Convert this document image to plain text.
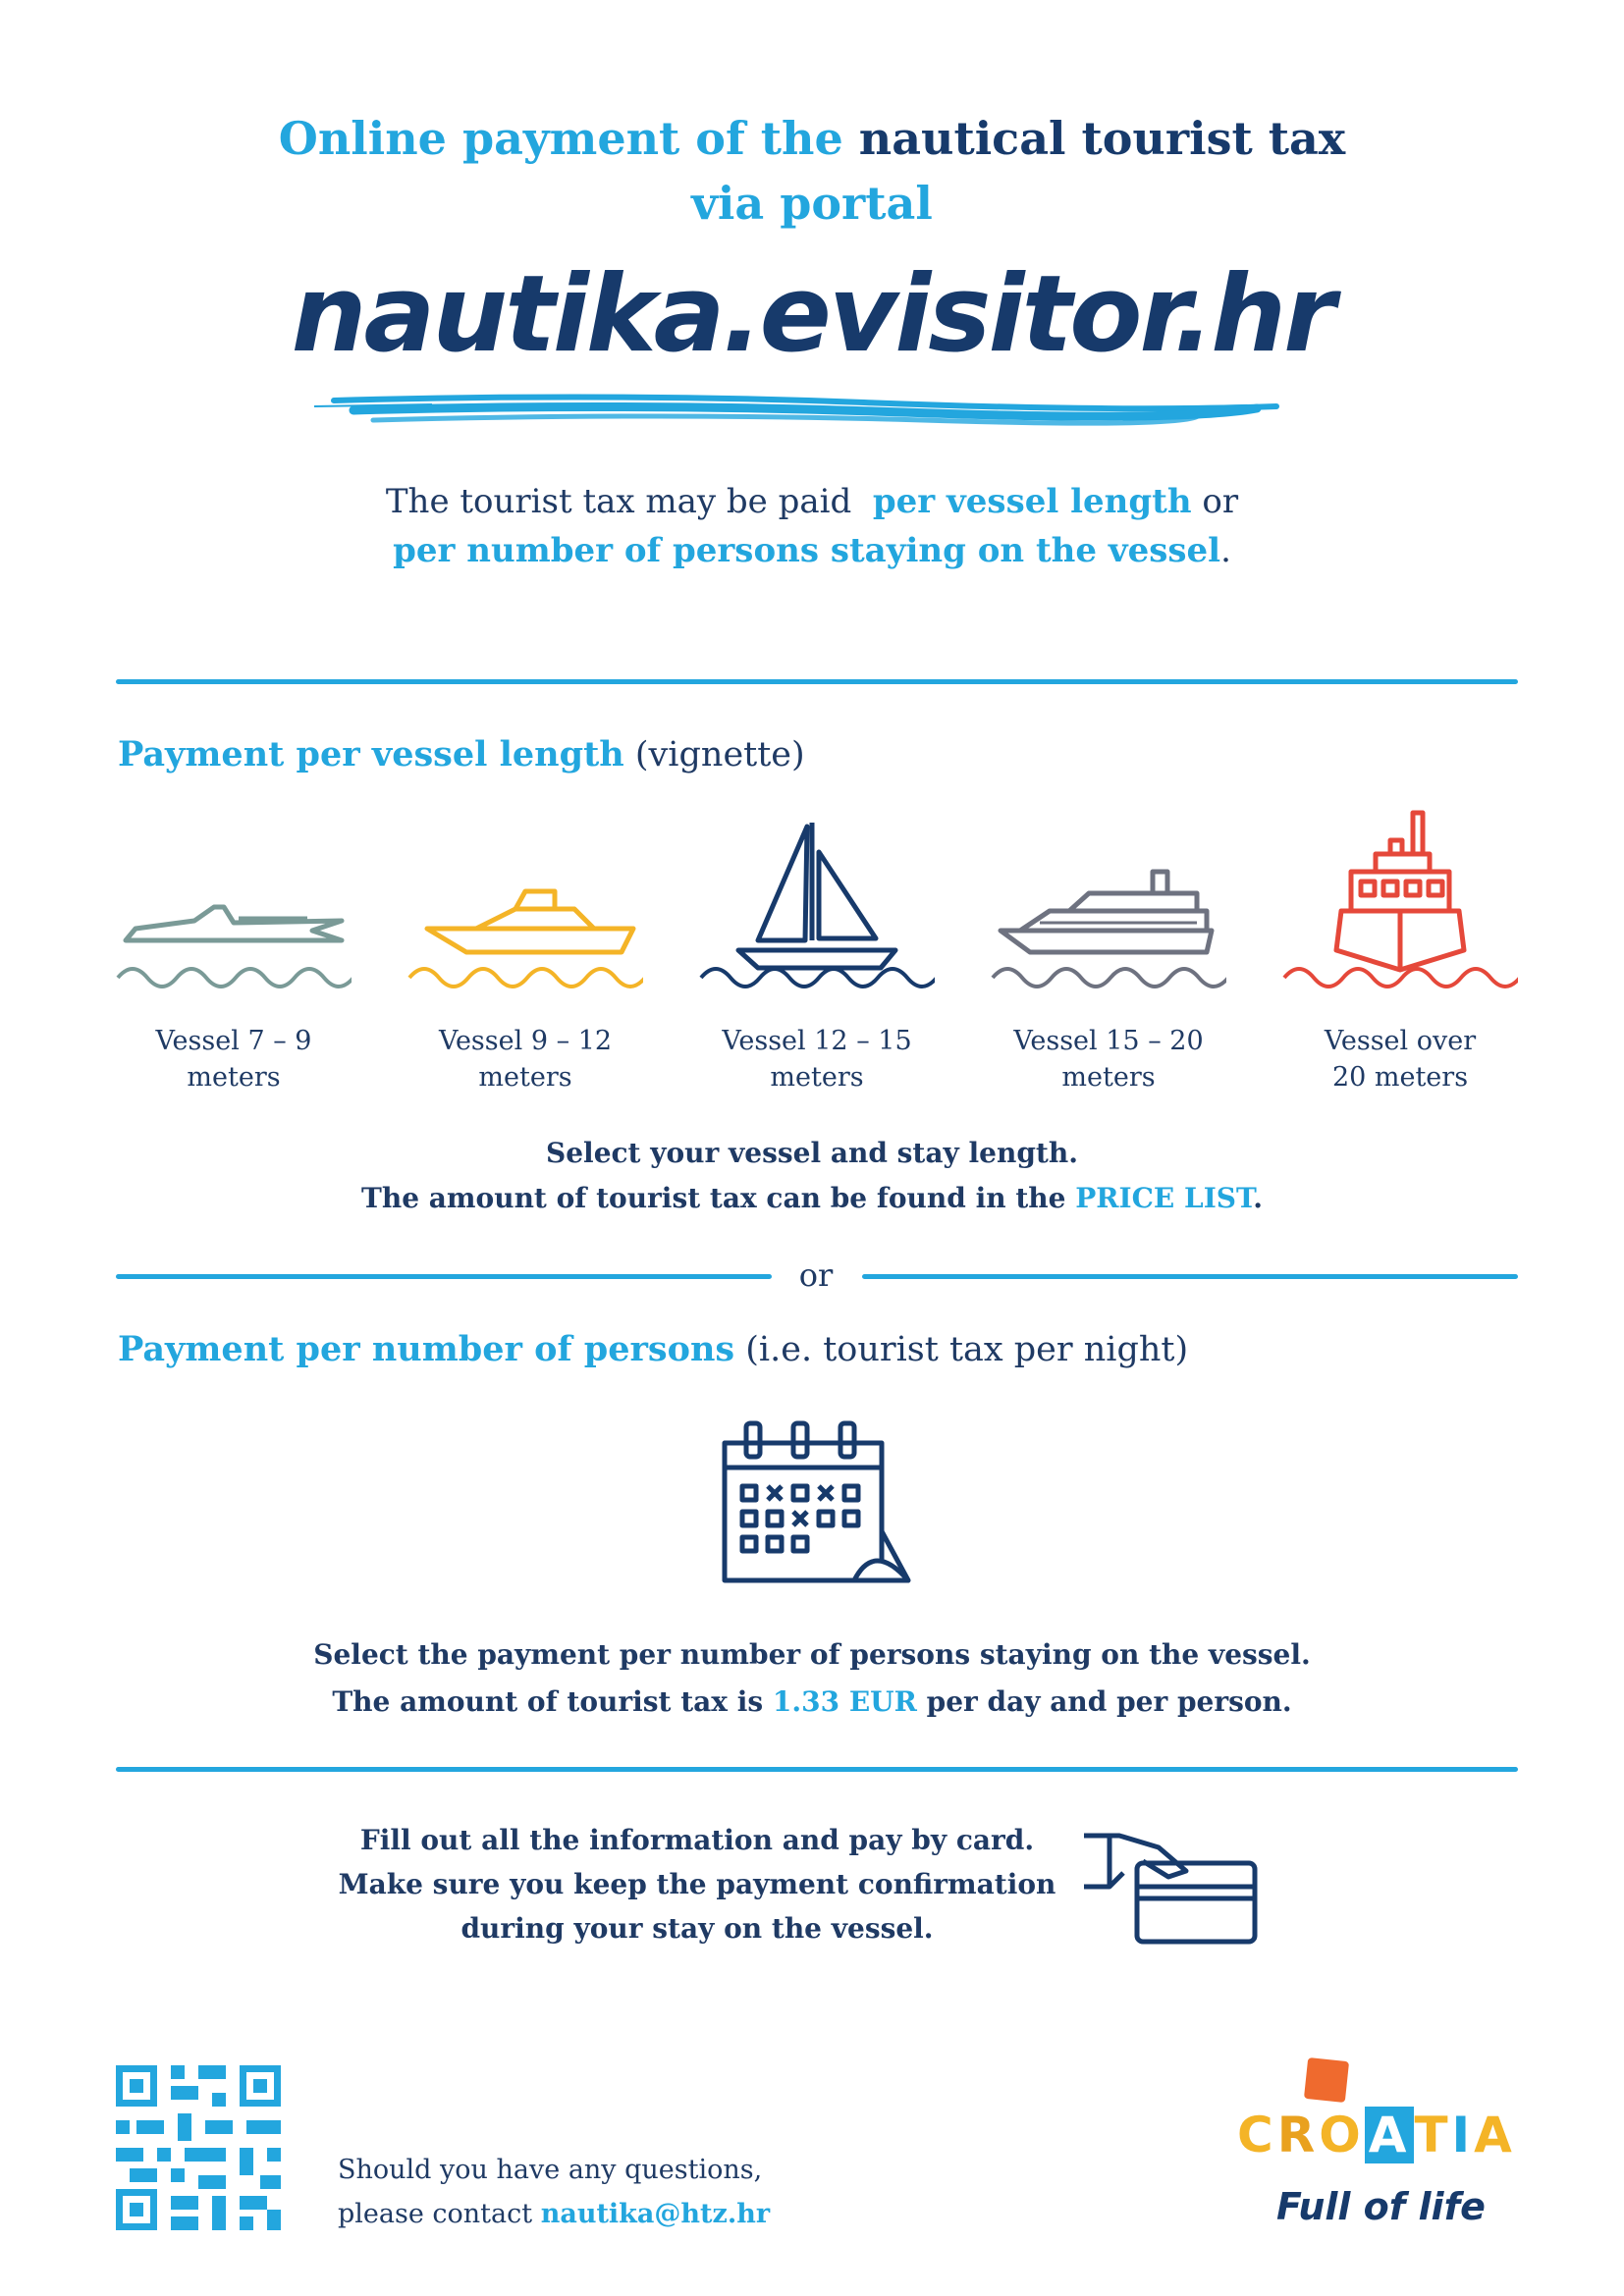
Online payment of the nautical tourist tax
via portal
nautika.evisitor.hr
The tourist tax may be paid per vessel length or
per number of persons staying on the vessel.
Payment per vessel length (vignette)
Vessel 7 – 9
meters
Vessel 9 – 12
meters
Vessel 12 – 15
meters
Vessel 15 – 20
meters
Vessel over
20 meters
Select your vessel and stay length.
The amount of tourist tax can be found in the PRICE LIST.
or
Payment per number of persons (i.e. tourist tax per night)
Select the payment per number of persons staying on the vessel.
The amount of tourist tax is 1.33 EUR per day and per person.
Fill out all the information and pay by card.
Make sure you keep the payment confirmation
during your stay on the vessel.
Should you have any questions,
please contact nautika@htz.hr
CROATIA
Full of life
